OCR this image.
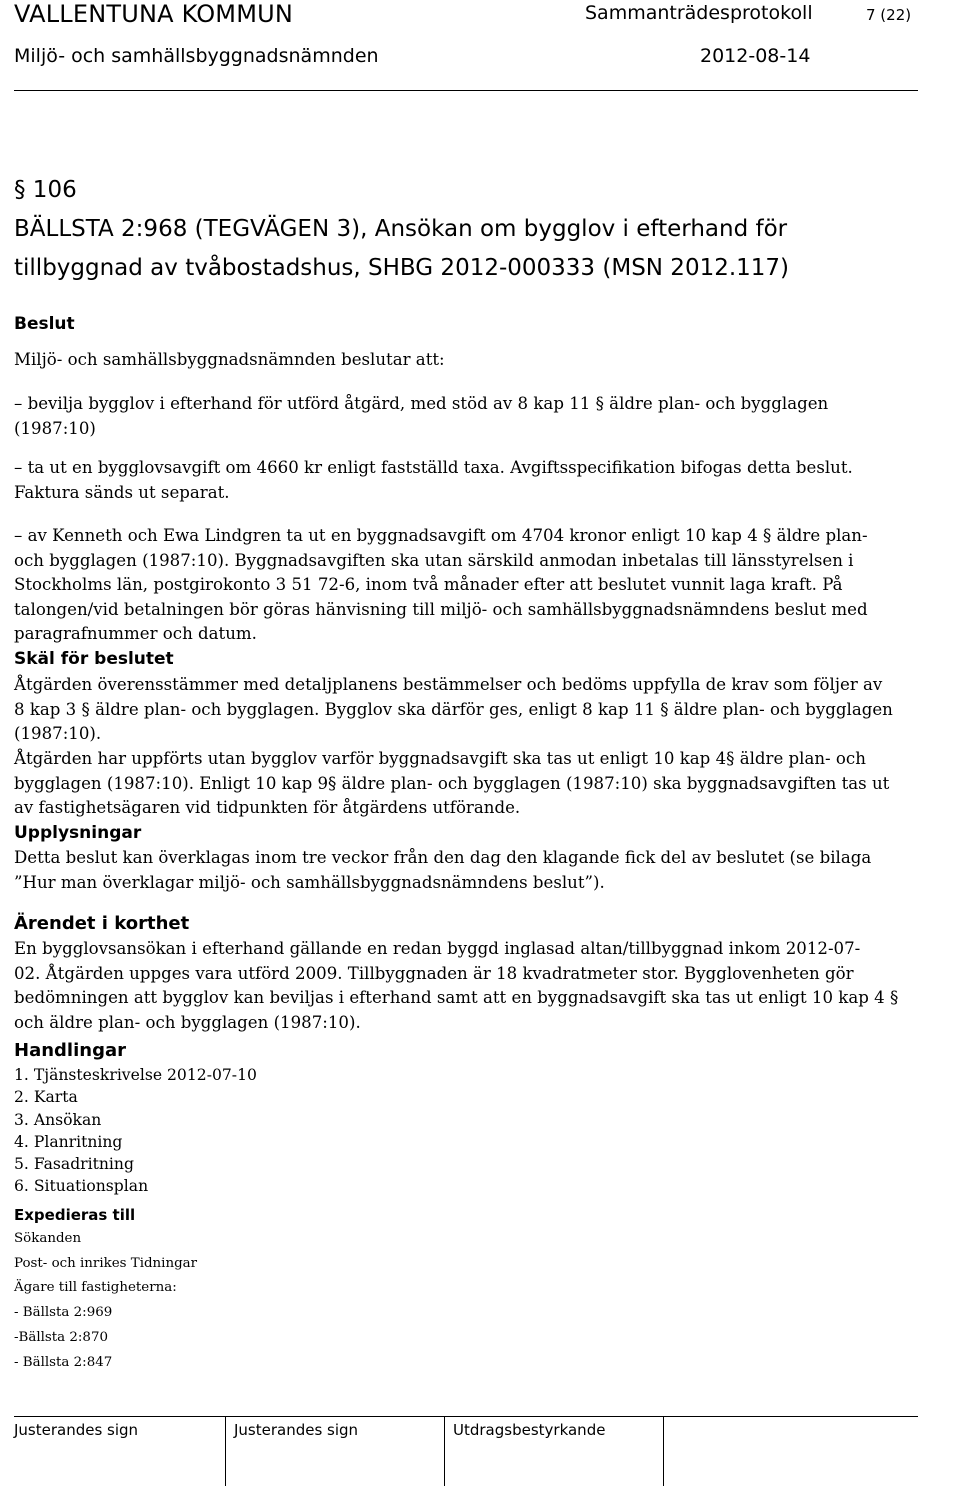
VALLENTUNA KOMMUN	Sammanträdesprotokoll	7 (22)
Miljö- och samhällsbyggnadsnämnden	2012-08-14
§ 106
BÄLLSTA 2:968 (TEGVÄGEN 3), Ansökan om bygglov i efterhand för
tillbyggnad av tvåbostadshus, SHBG 2012-000333 (MSN 2012.117)
Beslut
Miljö- och samhällsbyggnadsnämnden beslutar att:
– bevilja bygglov i efterhand för utförd åtgärd, med stöd av 8 kap 11 § äldre plan- och bygglagen
(1987:10)
– ta ut en bygglovsavgift om 4660 kr enligt fastställd taxa. Avgiftsspecifikation bifogas detta beslut.
Faktura sänds ut separat.
– av Kenneth och Ewa Lindgren ta ut en byggnadsavgift om 4704 kronor enligt 10 kap 4 § äldre plan-
och bygglagen (1987:10). Byggnadsavgiften ska utan särskild anmodan inbetalas till länsstyrelsen i
Stockholms län, postgirokonto 3 51 72-6, inom två månader efter att beslutet vunnit laga kraft. På
talongen/vid betalningen bör göras hänvisning till miljö- och samhällsbyggnadsnämndens beslut med
paragrafnummer och datum.
Skäl för beslutet
Åtgärden överensstämmer med detaljplanens bestämmelser och bedöms uppfylla de krav som följer av
8 kap 3 § äldre plan- och bygglagen. Bygglov ska därför ges, enligt 8 kap 11 § äldre plan- och bygglagen
(1987:10).
Åtgärden har uppförts utan bygglov varför byggnadsavgift ska tas ut enligt 10 kap 4§ äldre plan- och
bygglagen (1987:10). Enligt 10 kap 9§ äldre plan- och bygglagen (1987:10) ska byggnadsavgiften tas ut
av fastighetsägaren vid tidpunkten för åtgärdens utförande.
Upplysningar
Detta beslut kan överklagas inom tre veckor från den dag den klagande fick del av beslutet (se bilaga
”Hur man överklagar miljö- och samhällsbyggnadsnämndens beslut”).
Ärendet i korthet
En bygglovsansökan i efterhand gällande en redan byggd inglasad altan/tillbyggnad inkom 2012-07-
02. Åtgärden uppges vara utförd 2009. Tillbyggnaden är 18 kvadratmeter stor. Bygglovenheten gör
bedömningen att bygglov kan beviljas i efterhand samt att en byggnadsavgift ska tas ut enligt 10 kap 4 §
och äldre plan- och bygglagen (1987:10).
Handlingar
1. Tjänsteskrivelse 2012-07-10
2. Karta
3. Ansökan
4. Planritning
5. Fasadritning
6. Situationsplan
Expedieras till
Sökanden
Post- och inrikes Tidningar
Ägare till fastigheterna:
- Bällsta 2:969
-Bällsta 2:870
- Bällsta 2:847
Justerandes sign	Justerandes sign	Utdragsbestyrkande
